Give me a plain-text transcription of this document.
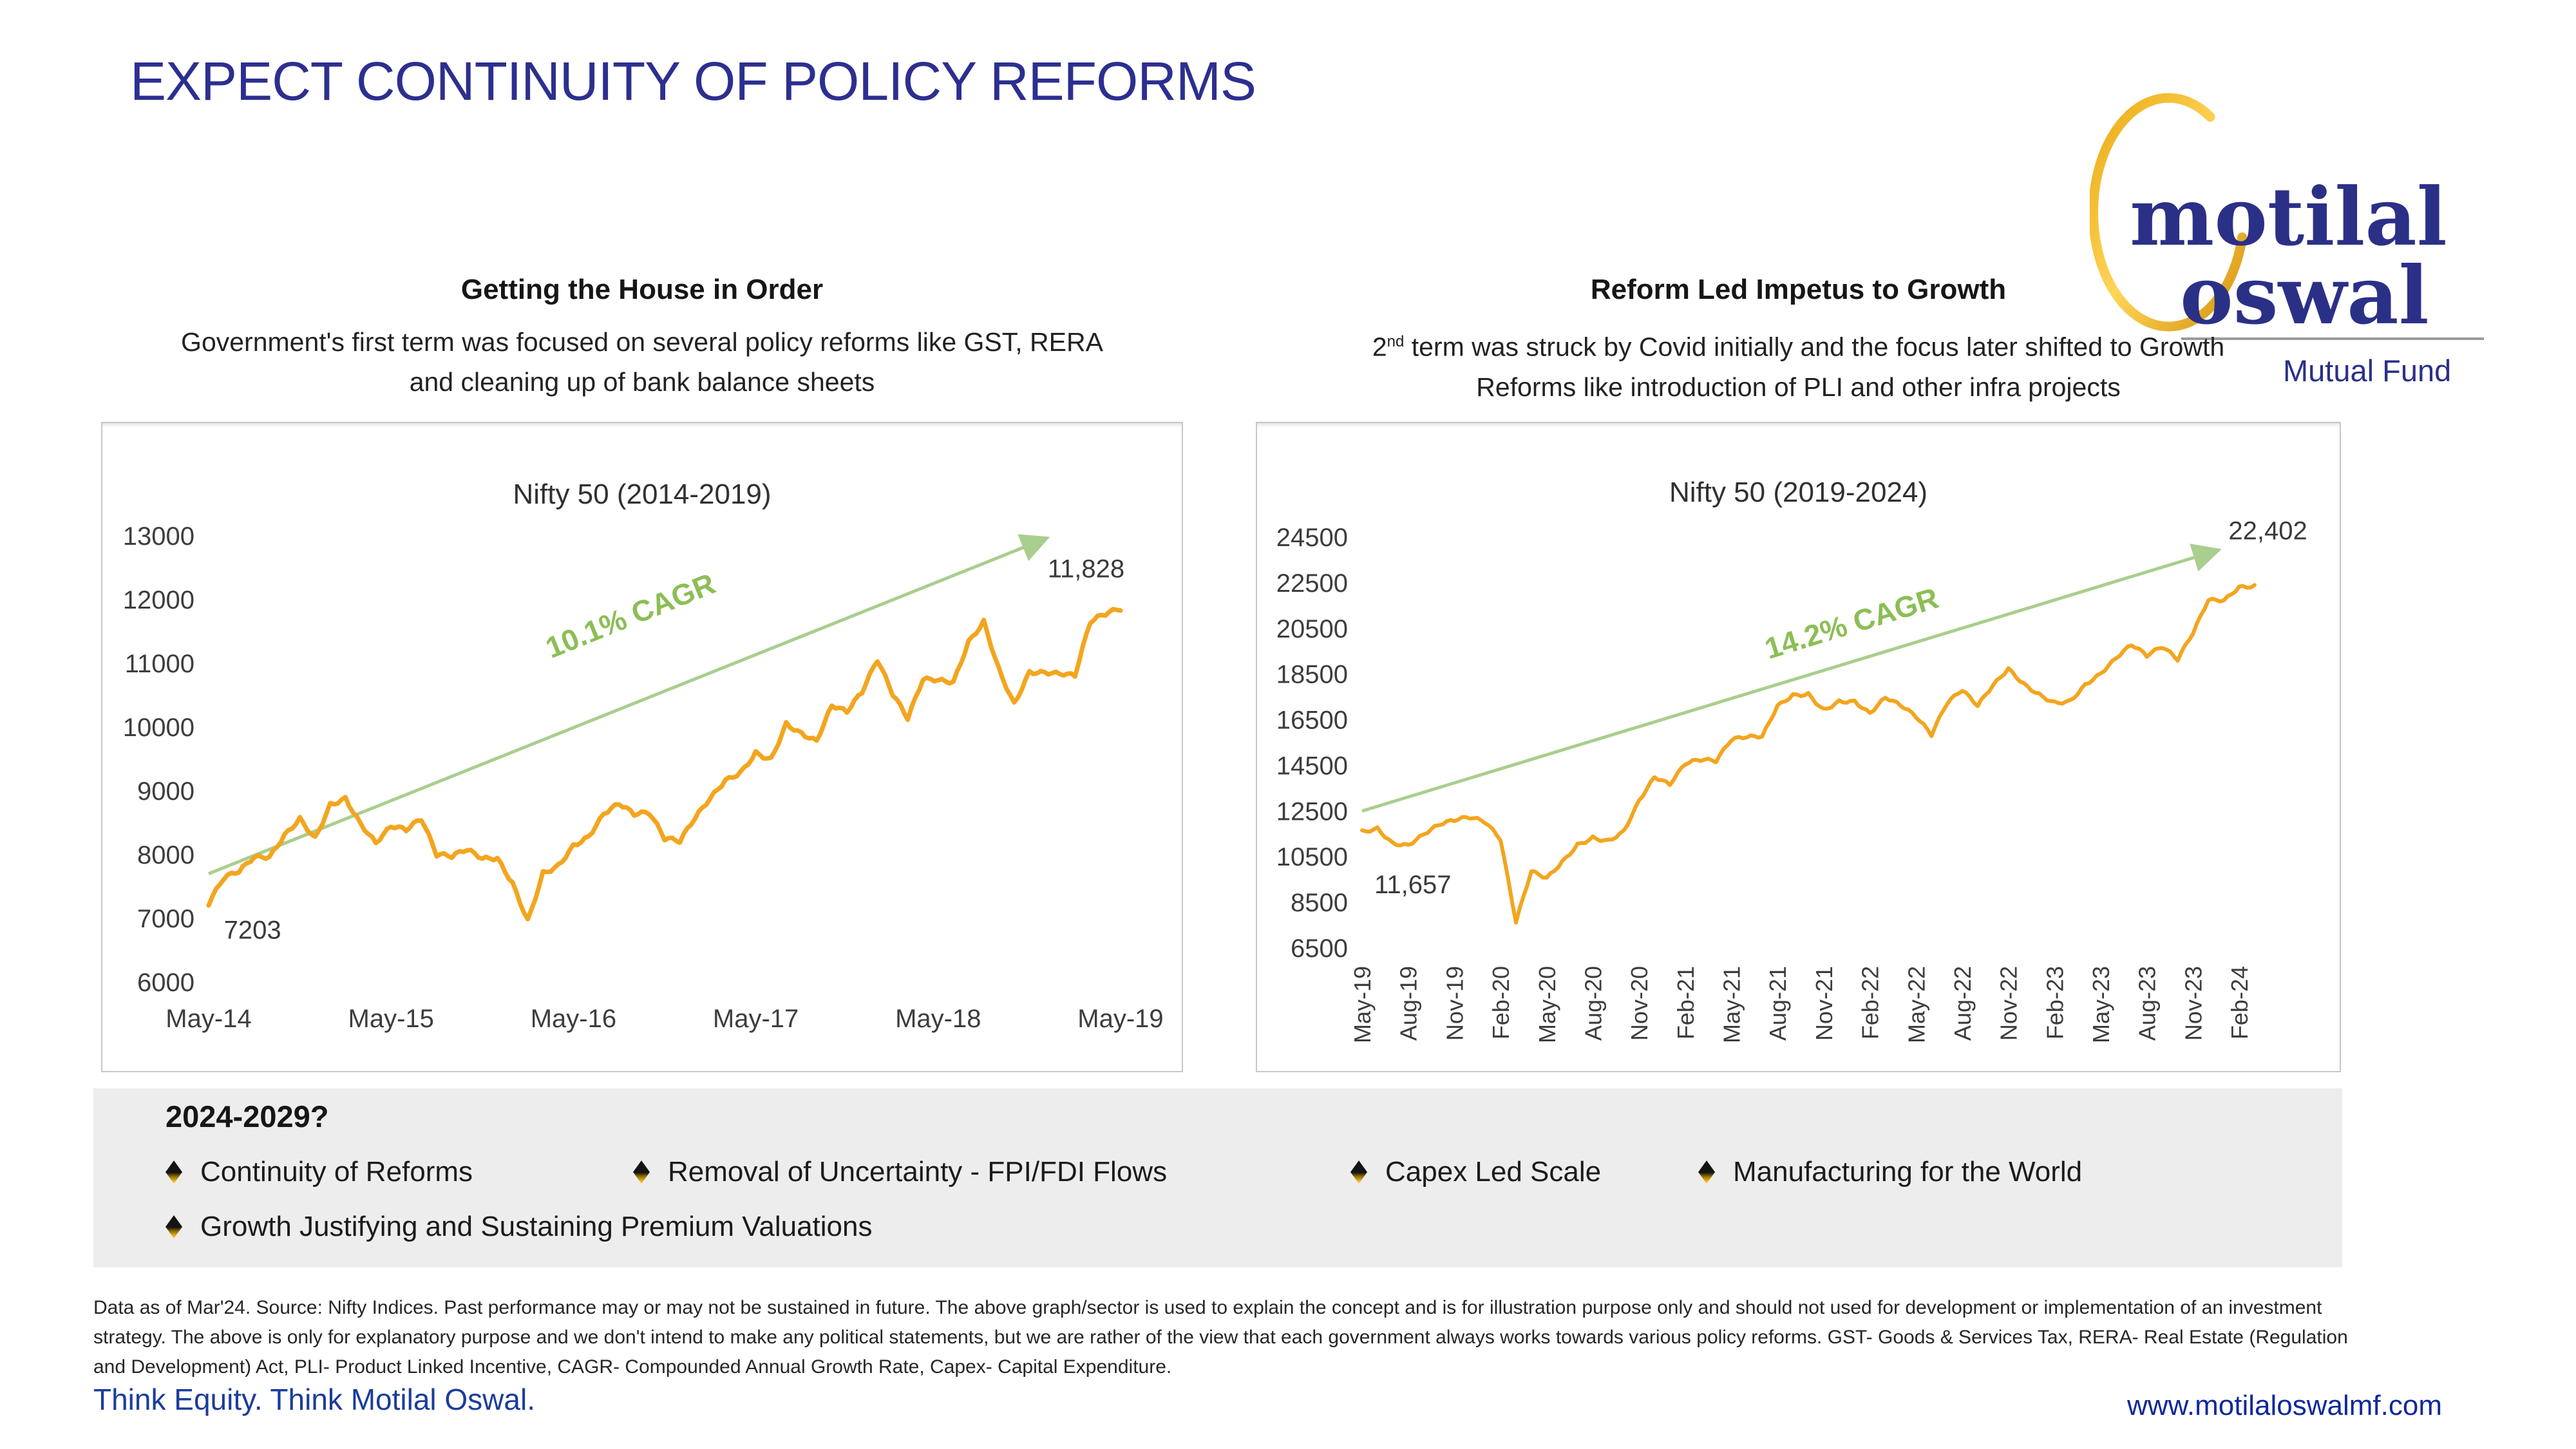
EXPECT CONTINUITY OF POLICY REFORMS
motilal
oswal
Mutual Fund
Getting the House in Order
Government's first term was focused on several policy reforms like GST, RERA
and cleaning up of bank balance sheets
Reform Led Impetus to Growth
2nd term was struck by Covid initially and the focus later shifted to Growth
Reforms like introduction of PLI and other infra projects
Nifty 50 (2014-2019)
6000
7000
8000
9000
10000
11000
12000
13000
May-14	May-15	May-16	May-17	May-18	May-19
10.1% CAGR
7203
11,828
Nifty 50 (2019-2024)
6500
8500
10500
12500
14500
16500
18500
20500
22500
24500
May-19 Aug-19 Nov-19 Feb-20 May-20 Aug-20 Nov-20 Feb-21 May-21 Aug-21 Nov-21 Feb-22 May-22 Aug-22 Nov-22 Feb-23 May-23 Aug-23 Nov-23 Feb-24
14.2% CAGR
11,657
22,402
2024-2029?
Continuity of Reforms	Removal of Uncertainty - FPI/FDI Flows	Capex Led Scale	Manufacturing for the World
Growth Justifying and Sustaining Premium Valuations
Data as of Mar'24. Source: Nifty Indices. Past performance may or may not be sustained in future. The above graph/sector is used to explain the concept and is for illustration purpose only and should not used for development or implementation of an investment strategy. The above is only for explanatory purpose and we don't intend to make any political statements, but we are rather of the view that each government always works towards various policy reforms. GST- Goods & Services Tax, RERA- Real Estate (Regulation and Development) Act, PLI- Product Linked Incentive, CAGR- Compounded Annual Growth Rate, Capex- Capital Expenditure.
Think Equity. Think Motilal Oswal.	www.motilaloswalmf.com
